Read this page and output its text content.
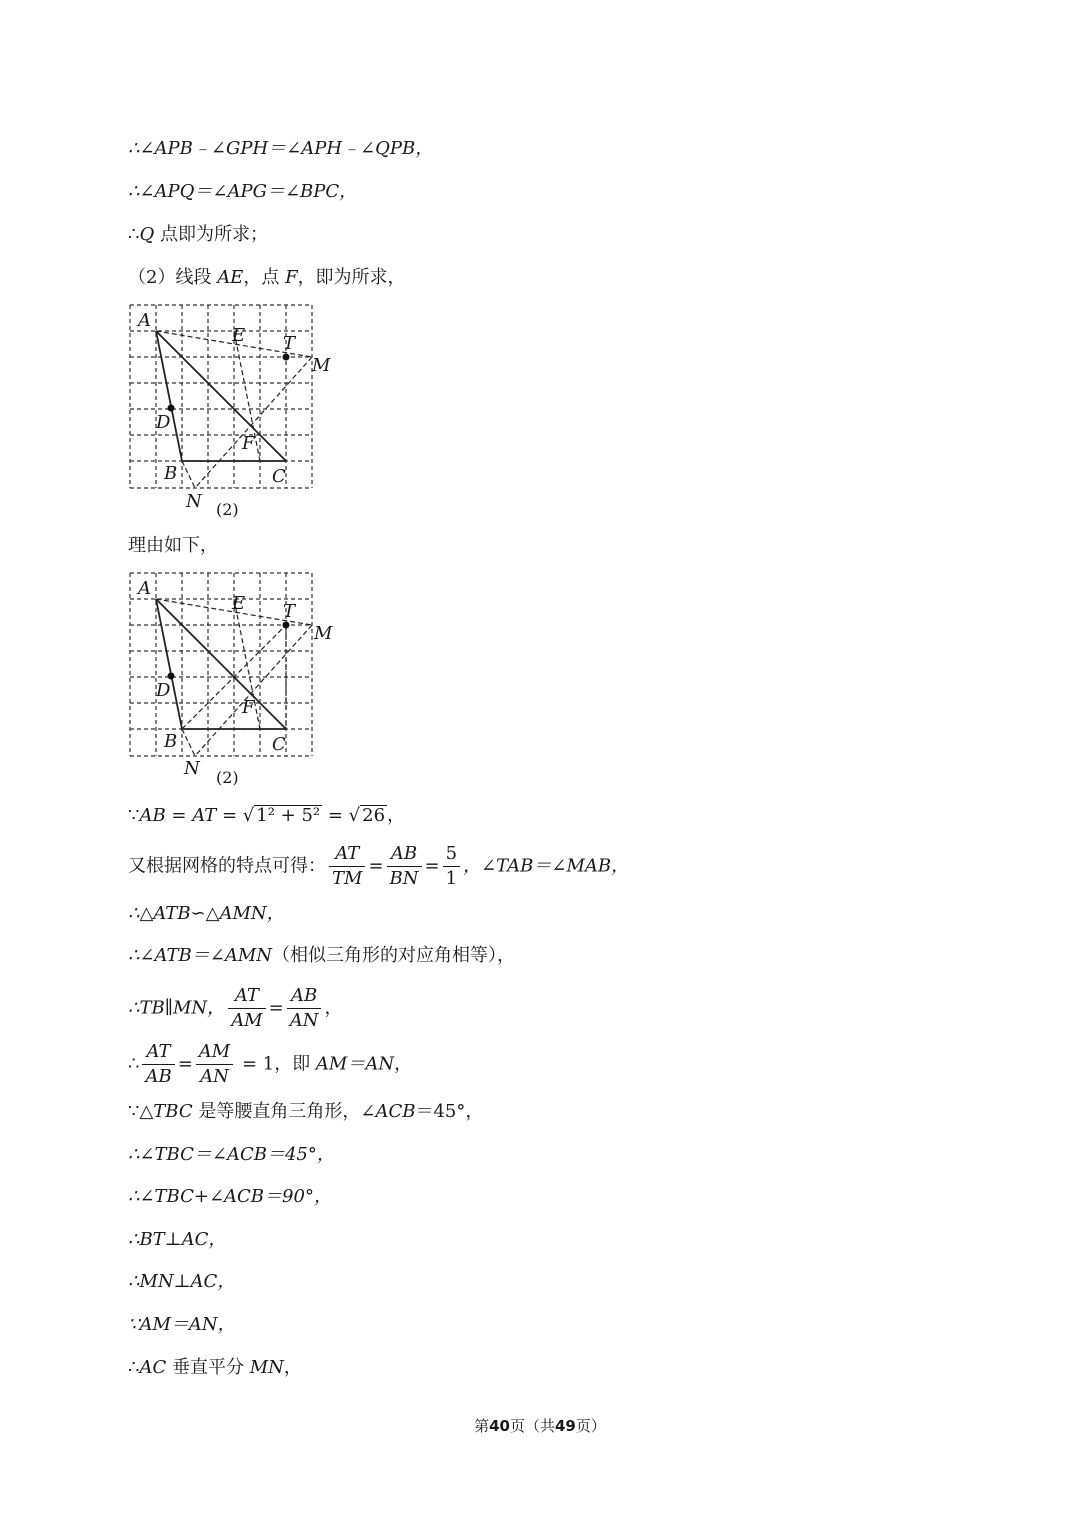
∴∠APB﹣∠GPH＝∠APH﹣∠QPB，
∴∠APQ＝∠APG＝∠BPC，
∴Q 点即为所求；
（2）线段 AE，点 F，即为所求，
A
E T
M
D
F
B	C
N (2)
理由如下，
A
E T
M
D
F
B	C
N (2)
∵AB = AT = √ 1² + 5² = √ 26 ，
又根据网格的特点可得： $\frac{AT}{TM} = \frac{AB}{BN} = \frac{5}{1}$ ，∠TAB＝∠MAB，
∴△ATB∽△AMN，
∴∠ATB＝∠AMN（相似三角形的对应角相等），
∴TB∥MN， $\frac{AT}{AM} = \frac{AB}{AN}$ ，
∴ $\frac{AT}{AB} = \frac{AM}{AN} = 1$，即 AM＝AN，
∵△TBC 是等腰直角三角形，∠ACB＝45°，
∴∠TBC＝∠ACB＝45°，
∴∠TBC+∠ACB＝90°，
∴BT⊥AC，
∴MN⊥AC，
∵AM＝AN，
∴AC 垂直平分 MN，
第40页（共49页）
